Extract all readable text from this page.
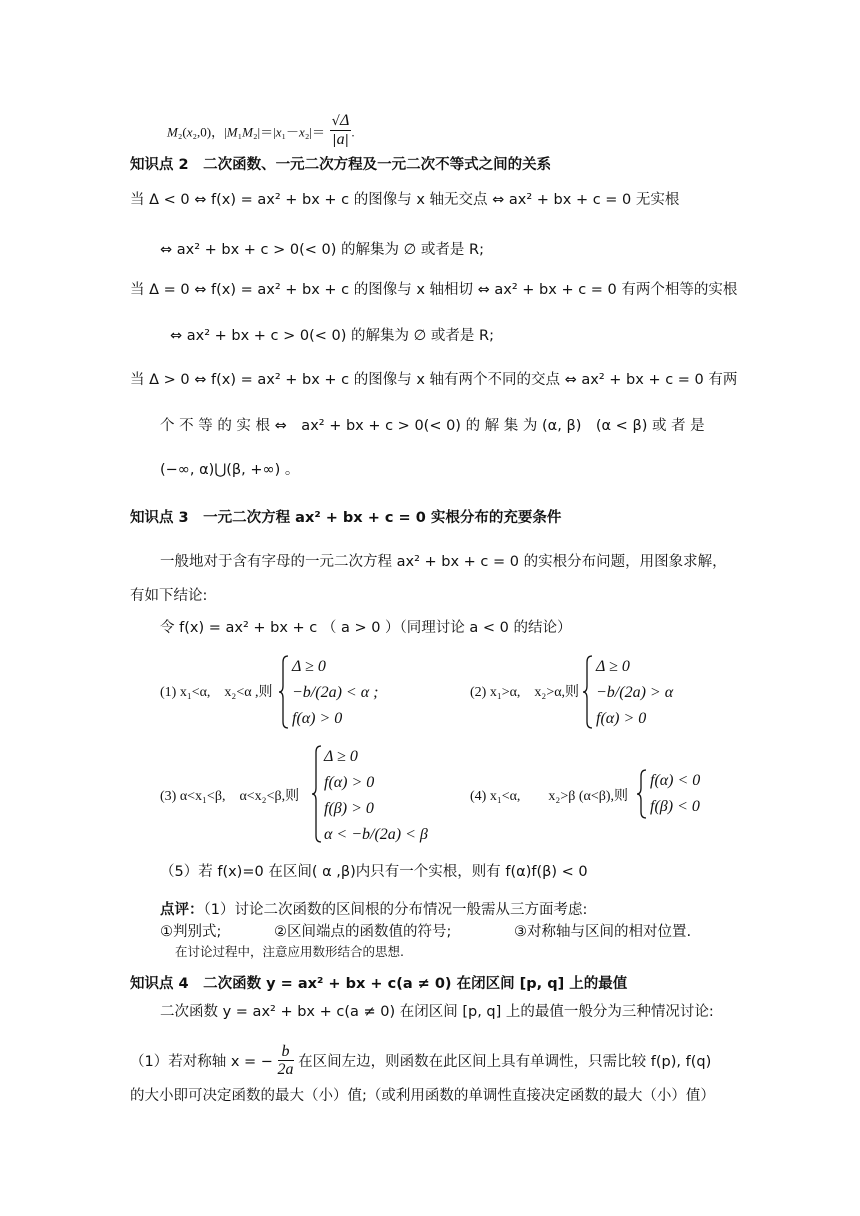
M₂(x₂,0)，$|M_1M_2|=|x_1-x_2|= \frac{√\Delta}{|a|}$ .
知识点 2　二次函数、一元二次方程及一元二次不等式之间的关系
当 Δ < 0 ⇔ f(x) = ax² + bx + c 的图像与 x 轴无交点 ⇔ ax² + bx + c = 0 无实根
⇔ ax² + bx + c > 0(< 0) 的解集为 ∅ 或者是 R;
当 Δ = 0 ⇔ f(x) = ax² + bx + c 的图像与 x 轴相切 ⇔ ax² + bx + c = 0 有两个相等的实根
⇔ ax² + bx + c > 0(< 0) 的解集为 ∅ 或者是 R;
当 Δ > 0 ⇔ f(x) = ax² + bx + c 的图像与 x 轴有两个不同的交点 ⇔ ax² + bx + c = 0 有两
个 不 等 的 实 根 ⇔　ax² + bx + c > 0(< 0) 的 解 集 为 (α, β)　(α < β) 或 者 是
(−∞, α)⋃(β, +∞) 。
知识点 3　一元二次方程 ax² + bx + c = 0 实根分布的充要条件
一般地对于含有字母的一元二次方程 ax² + bx + c = 0 的实根分布问题，用图象求解，
有如下结论:
令 f(x) = ax² + bx + c （ a > 0 ）（同理讨论 a < 0 的结论）
(1) x₁<α,　x₂<α ,则
Δ ≥ 0
−b/(2a) < α ;
f(α) > 0
(2) x₁>α,　x₂>α,则
Δ ≥ 0
−b/(2a) > α
f(α) > 0
(3) α<x₁<β,　α<x₂<β,则
Δ ≥ 0
f(α) > 0
f(β) > 0
α < −b/(2a) < β
(4) x₁<α,　　x₂>β (α<β),则
f(α) < 0
f(β) < 0
（5）若 f(x)=0 在区间( α ,β)内只有一个实根，则有 f(α)f(β) < 0
点评：（1）讨论二次函数的区间根的分布情况一般需从三方面考虑:
①判别式;	②区间端点的函数值的符号;	③对称轴与区间的相对位置.
在讨论过程中，注意应用数形结合的思想.
知识点 4　二次函数 y = ax² + bx + c(a ≠ 0) 在闭区间 [p, q] 上的最值
二次函数 y = ax² + bx + c(a ≠ 0) 在闭区间 [p, q] 上的最值一般分为三种情况讨论:
（1）若对称轴 x = − $\frac{b}{2a}$ 在区间左边，则函数在此区间上具有单调性，只需比较 f(p), f(q)
的大小即可决定函数的最大（小）值;（或利用函数的单调性直接决定函数的最大（小）值）
